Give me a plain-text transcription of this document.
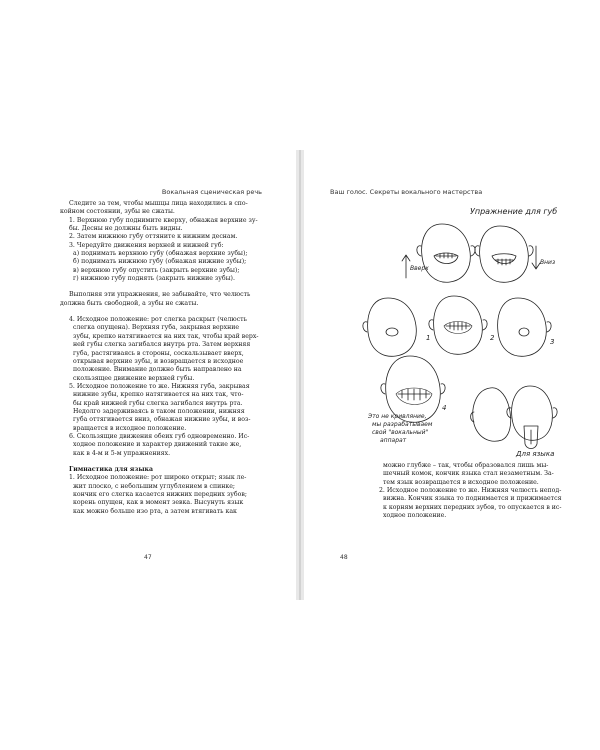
Вокальная сценическая речь

Следите за тем, чтобы мышцы лица находились в спо-

койном состоянии, зубы не сжаты.

1. Верхнюю губу поднимите кверху, обнажая верхние зу-

бы. Десны не должны быть видны.

2. Затем нижнюю губу оттяните к нижним деснам.

3. Чередуйте движения верхней и нижней губ:

а) поднимать верхнюю губу (обнажая верхние зубы);

б) поднимать нижнюю губу (обнажая нижние зубы);

в) верхнюю губу опустить (закрыть верхние зубы);

г) нижнюю губу поднять (закрыть нижние зубы).

Выполняя эти упражнения, не забывайте, что челюсть

должна быть свободной, а зубы не сжаты.

4. Исходное положение: рот слегка раскрыт (челюсть

слегка опущена). Верхняя губа, закрывая верхние

зубы, крепко натягивается на них так, чтобы край верх-

ней губы слегка загибался внутрь рта. Затем верхняя

губа, растягиваясь в стороны, соскальзывает вверх,

открывая верхние зубы, и возвращается в исходное

положение. Внимание должно быть направлено на

скользящее движение верхней губы.

5. Исходное положение то же. Нижняя губа, закрывая

нижние зубы, крепко натягивается на них так, что-

бы край нижней губы слегка загибался внутрь рта.

Недолго задерживаясь в таком положении, нижняя

губа оттягивается вниз, обнажая нижние зубы, и воз-

вращается в исходное положение.

6. Скользящие движения обеих губ одновременно. Ис-

ходное положение и характер движений такие же,

как в 4-м и 5-м упражнениях.

Гимнастика для языка

1. Исходное положение: рот широко открыт; язык ле-

жит плоско, с небольшим углублением в спинке;

кончик его слегка касается нижних передних зубов;

корень опущен, как в момент зевка. Высунуть язык

как можно больше изо рта, а затем втягивать как

47
Ваш голос. Секреты вокального мастерства
Упражнение для губ
Вверх
Вниз
1	2	3
4
Это не кривляние,
мы разрабатываем
свой "вокальный"
аппарат
Для языка

можно глубже – так, чтобы образовался лишь мы-

шечный комок, кончик языка стал незаметным. За-

тем язык возвращается в исходное положение.

2. Исходное положение то же. Нижняя челюсть непод-

вижна. Кончик языка то поднимается и прижимается

к корням верхних передних зубов, то опускается в ис-

ходное положение.

48
